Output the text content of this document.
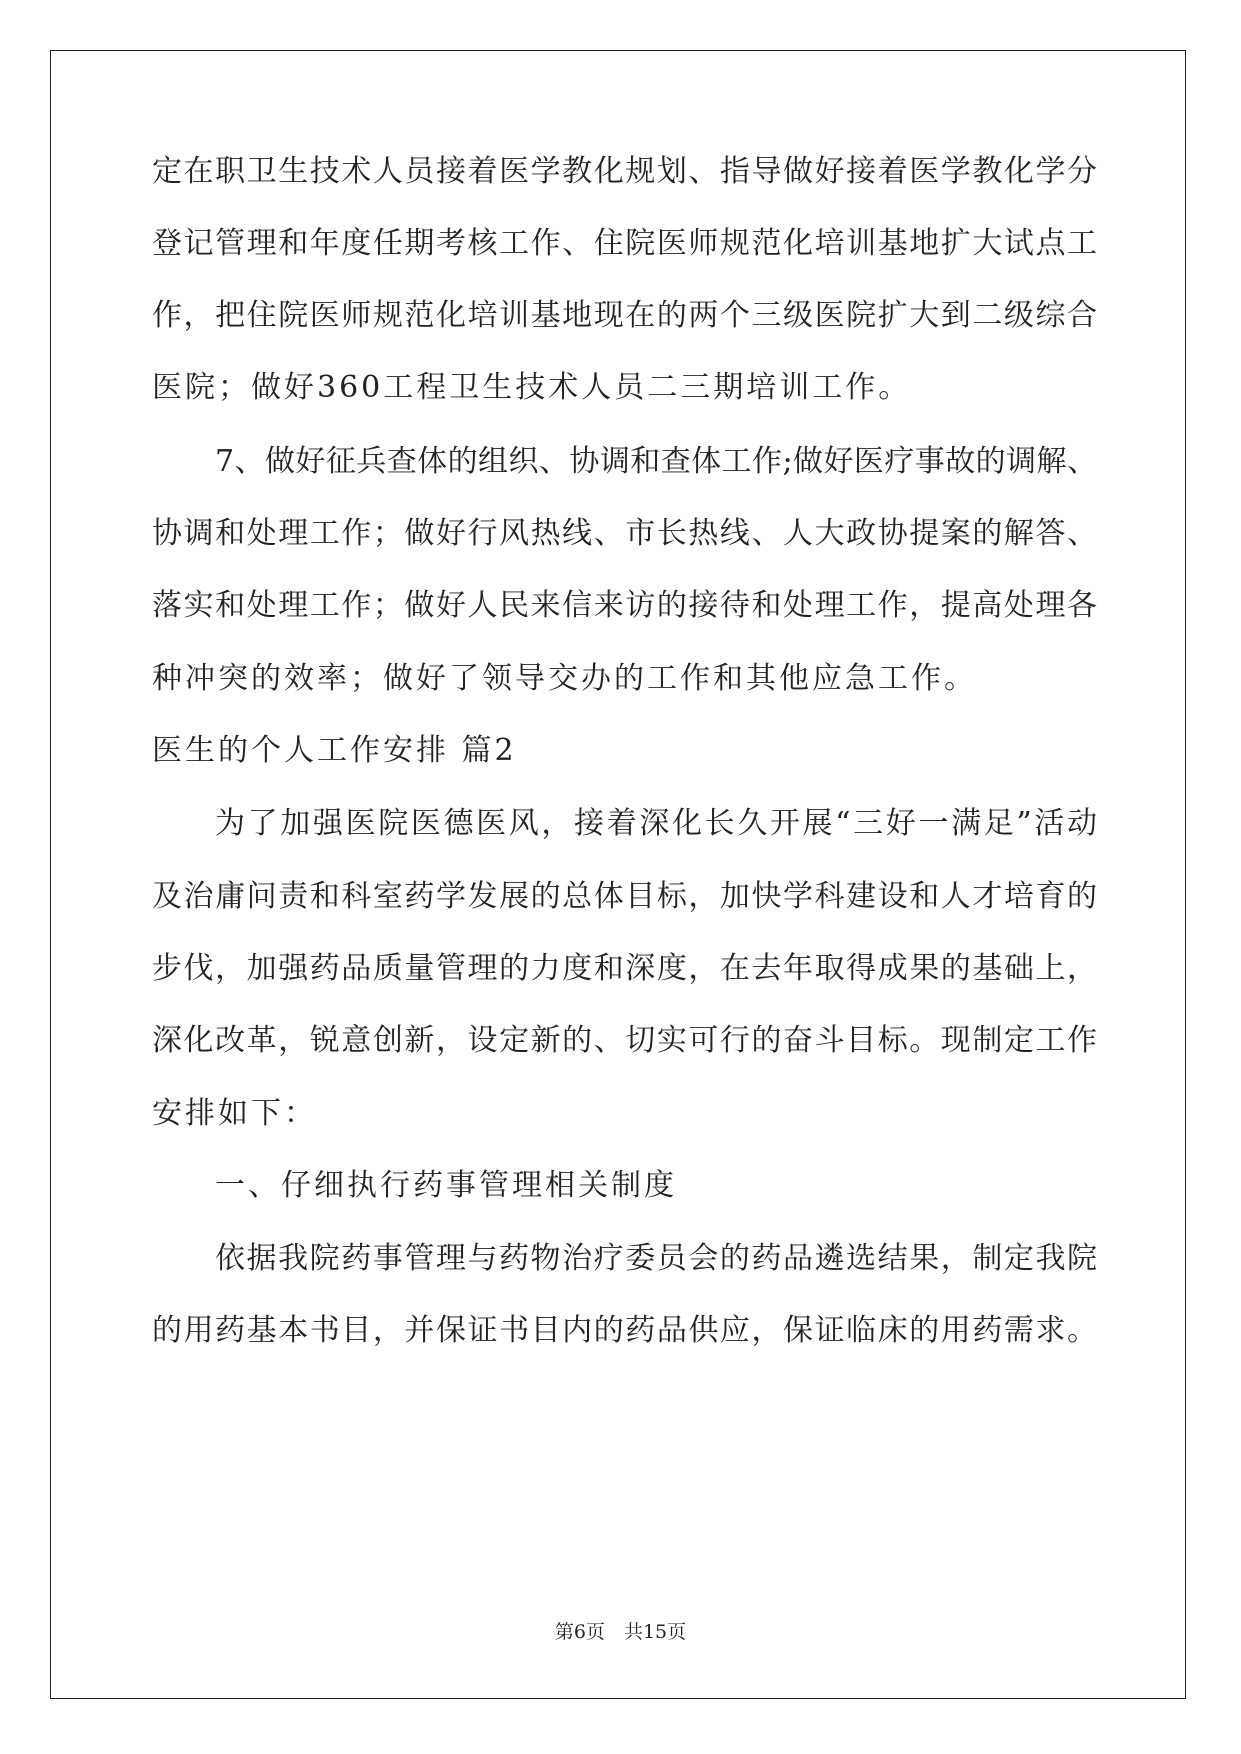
定在职卫生技术人员接着医学教化规划、指导做好接着医学教化学分
登记管理和年度任期考核工作、住院医师规范化培训基地扩大试点工
作，把住院医师规范化培训基地现在的两个三级医院扩大到二级综合
医院；做好360工程卫生技术人员二三期培训工作。
7、做好征兵查体的组织、协调和查体工作;做好医疗事故的调解、
协调和处理工作；做好行风热线、市长热线、人大政协提案的解答、
落实和处理工作；做好人民来信来访的接待和处理工作，提高处理各
种冲突的效率；做好了领导交办的工作和其他应急工作。
医生的个人工作安排 篇2
为了加强医院医德医风，接着深化长久开展“三好一满足”活动
及治庸问责和科室药学发展的总体目标，加快学科建设和人才培育的
步伐，加强药品质量管理的力度和深度，在去年取得成果的基础上，
深化改革，锐意创新，设定新的、切实可行的奋斗目标。现制定工作
安排如下：
一、仔细执行药事管理相关制度
依据我院药事管理与药物治疗委员会的药品遴选结果，制定我院
的用药基本书目，并保证书目内的药品供应，保证临床的用药需求。
第6页　共15页
